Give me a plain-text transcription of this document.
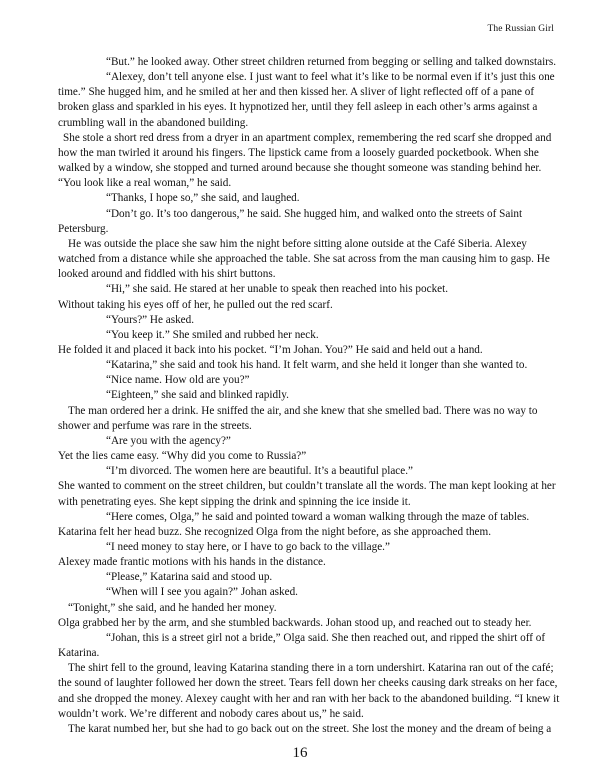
The Russian Girl

“But.” he looked away. Other street children returned from begging or selling and talked downstairs.

“Alexey, don’t tell anyone else. I just want to feel what it’s like to be normal even if it’s just this one time.” She hugged him, and he smiled at her and then kissed her. A sliver of light reflected off of a pane of broken glass and sparkled in his eyes. It hypnotized her, until they fell asleep in each other’s arms against a crumbling wall in the abandoned building.

She stole a short red dress from a dryer in an apartment complex, remembering the red scarf she dropped and how the man twirled it around his fingers. The lipstick came from a loosely guarded pocketbook. When she walked by a window, she stopped and turned around because she thought someone was standing behind her. “You look like a real woman,” he said.

“Thanks, I hope so,” she said, and laughed.

“Don’t go. It’s too dangerous,” he said. She hugged him, and walked onto the streets of Saint Petersburg.

He was outside the place she saw him the night before sitting alone outside at the Café Siberia. Alexey watched from a distance while she approached the table. She sat across from the man causing him to gasp. He looked around and fiddled with his shirt buttons.

“Hi,” she said. He stared at her unable to speak then reached into his pocket.

Without taking his eyes off of her, he pulled out the red scarf.

“Yours?” He asked.

“You keep it.” She smiled and rubbed her neck.

He folded it and placed it back into his pocket. “I’m Johan. You?” He said and held out a hand.

“Katarina,” she said and took his hand. It felt warm, and she held it longer than she wanted to.

“Nice name. How old are you?”

“Eighteen,” she said and blinked rapidly.

The man ordered her a drink. He sniffed the air, and she knew that she smelled bad. There was no way to shower and perfume was rare in the streets.

“Are you with the agency?”

Yet the lies came easy. “Why did you come to Russia?”

“I’m divorced. The women here are beautiful. It’s a beautiful place.”

She wanted to comment on the street children, but couldn’t translate all the words. The man kept looking at her with penetrating eyes. She kept sipping the drink and spinning the ice inside it.

“Here comes, Olga,” he said and pointed toward a woman walking through the maze of tables.

Katarina felt her head buzz. She recognized Olga from the night before, as she approached them.

“I need money to stay here, or I have to go back to the village.”

Alexey made frantic motions with his hands in the distance.

“Please,” Katarina said and stood up.

“When will I see you again?” Johan asked.

“Tonight,” she said, and he handed her money.

Olga grabbed her by the arm, and she stumbled backwards. Johan stood up, and reached out to steady her.

“Johan, this is a street girl not a bride,” Olga said. She then reached out, and ripped the shirt off of Katarina.

The shirt fell to the ground, leaving Katarina standing there in a torn undershirt. Katarina ran out of the café; the sound of laughter followed her down the street. Tears fell down her cheeks causing dark streaks on her face, and she dropped the money. Alexey caught with her and ran with her back to the abandoned building. “I knew it wouldn’t work. We’re different and nobody cares about us,” he said.

The karat numbed her, but she had to go back out on the street. She lost the money and the dream of being a

16
